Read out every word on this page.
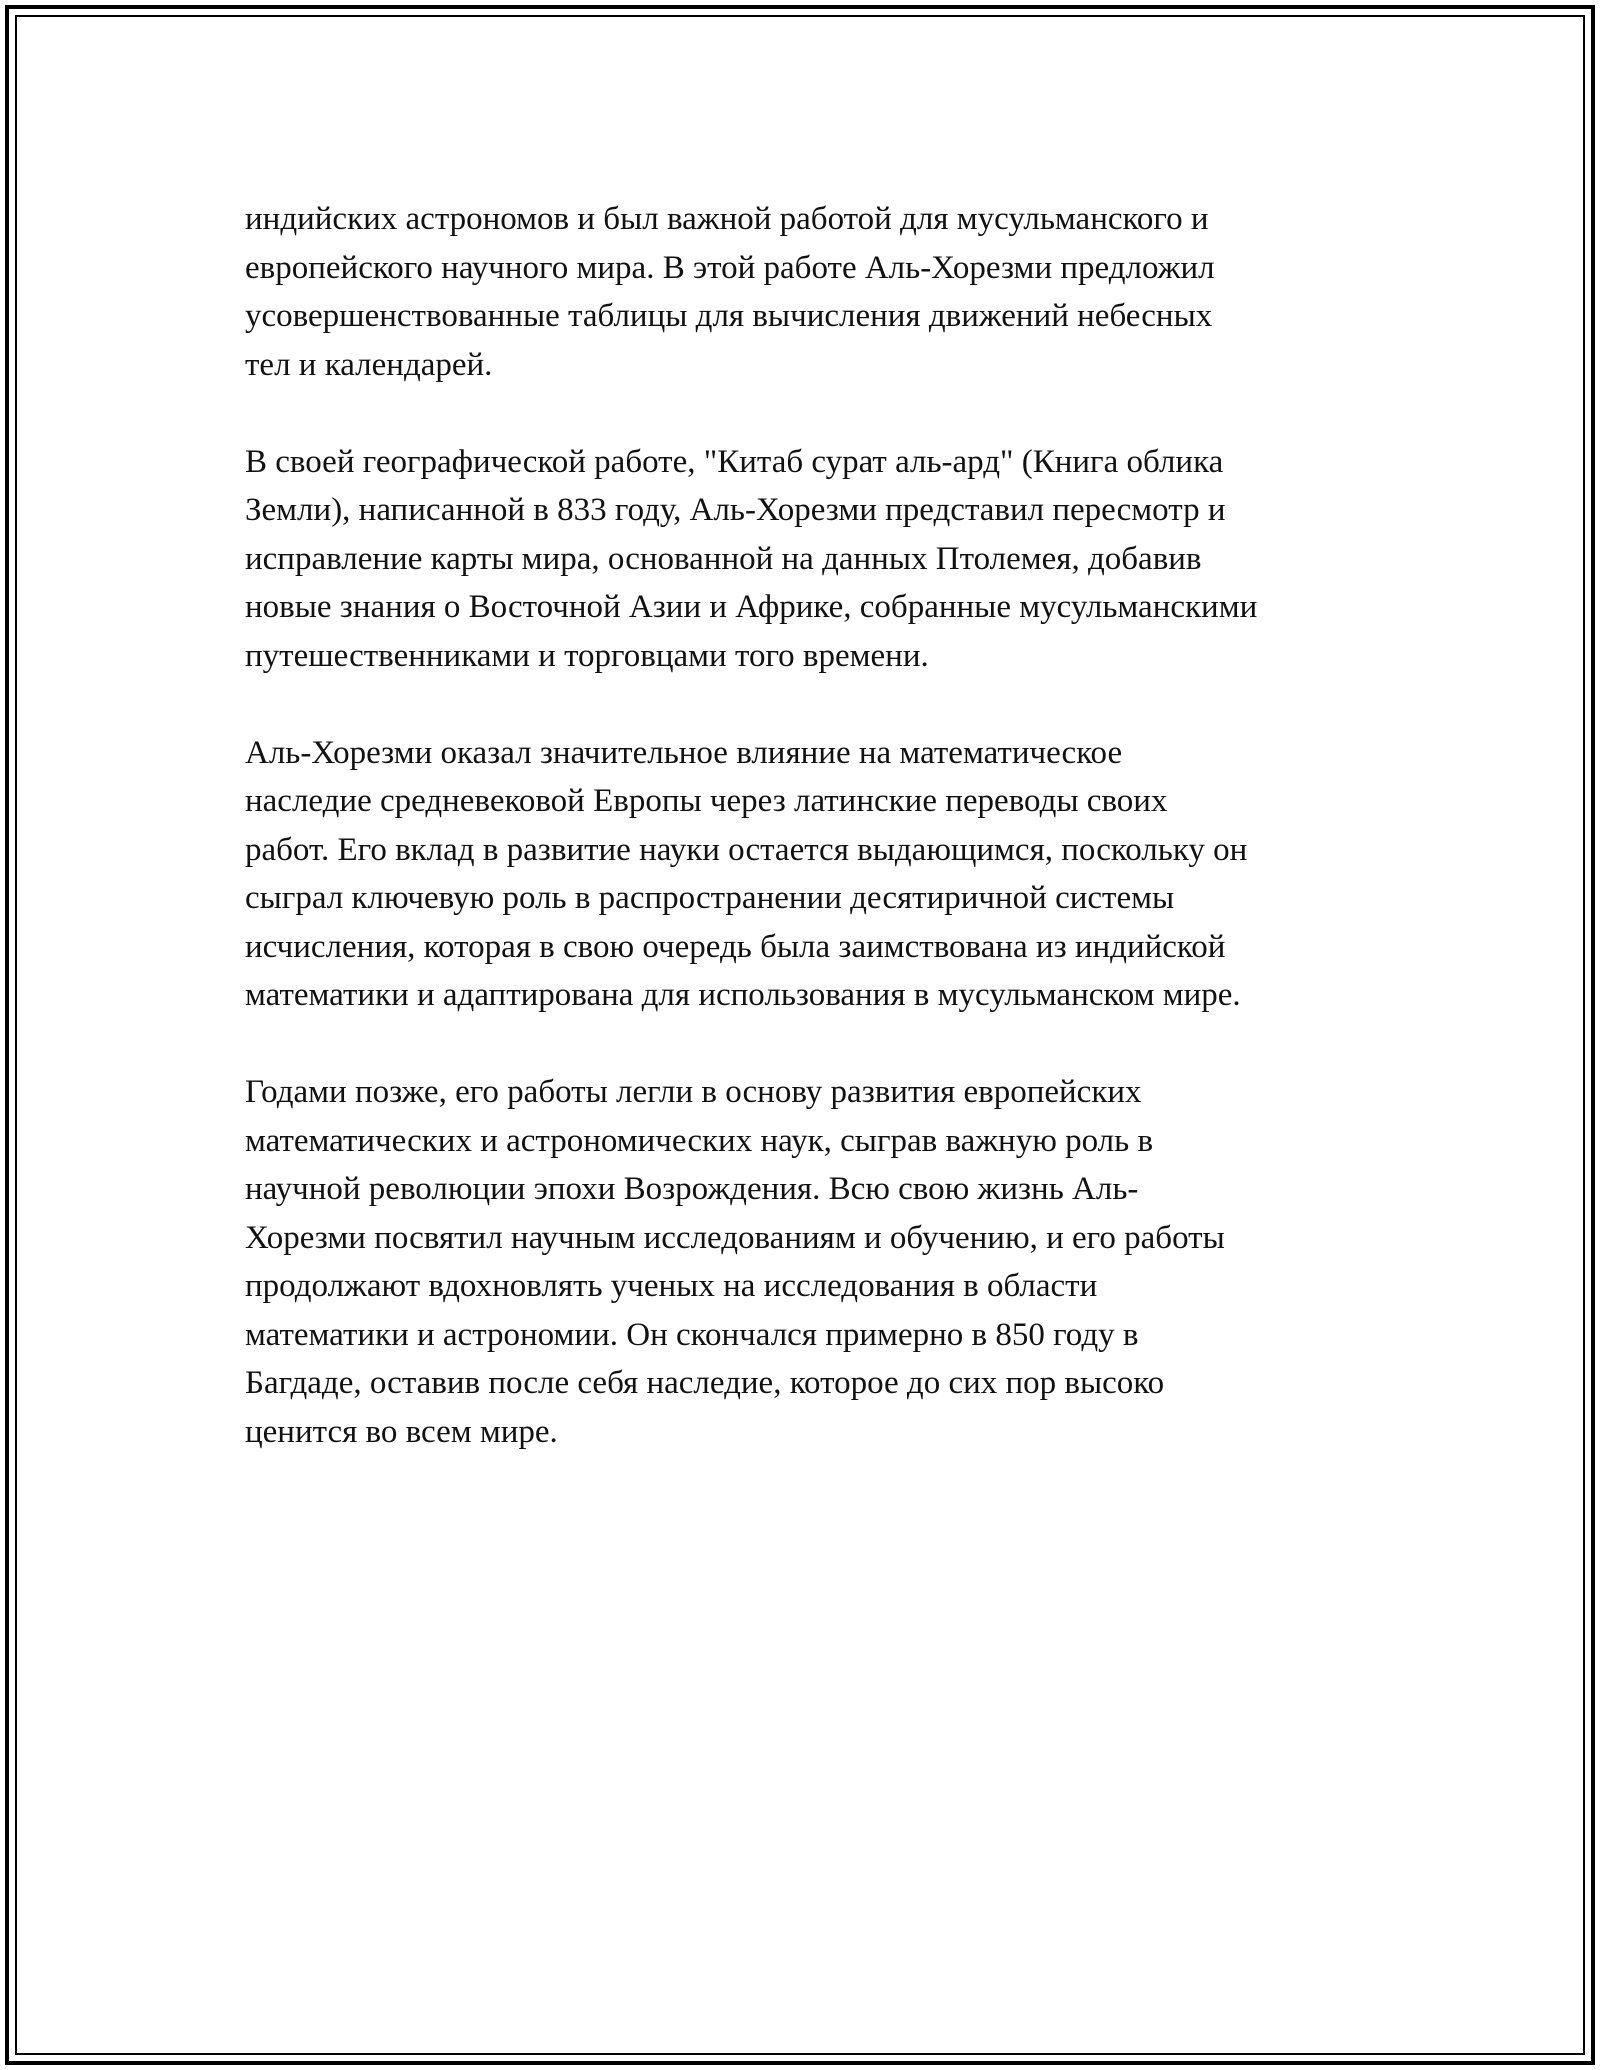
индийских астрономов и был важной работой для мусульманского и
европейского научного мира. В этой работе Аль-Хорезми предложил
усовершенствованные таблицы для вычисления движений небесных
тел и календарей.

В своей географической работе, "Китаб сурат аль-ард" (Книга облика
Земли), написанной в 833 году, Аль-Хорезми представил пересмотр и
исправление карты мира, основанной на данных Птолемея, добавив
новые знания о Восточной Азии и Африке, собранные мусульманскими
путешественниками и торговцами того времени.

Аль-Хорезми оказал значительное влияние на математическое
наследие средневековой Европы через латинские переводы своих
работ. Его вклад в развитие науки остается выдающимся, поскольку он
сыграл ключевую роль в распространении десятиричной системы
исчисления, которая в свою очередь была заимствована из индийской
математики и адаптирована для использования в мусульманском мире.

Годами позже, его работы легли в основу развития европейских
математических и астрономических наук, сыграв важную роль в
научной революции эпохи Возрождения. Всю свою жизнь Аль-
Хорезми посвятил научным исследованиям и обучению, и его работы
продолжают вдохновлять ученых на исследования в области
математики и астрономии. Он скончался примерно в 850 году в
Багдаде, оставив после себя наследие, которое до сих пор высоко
ценится во всем мире.
